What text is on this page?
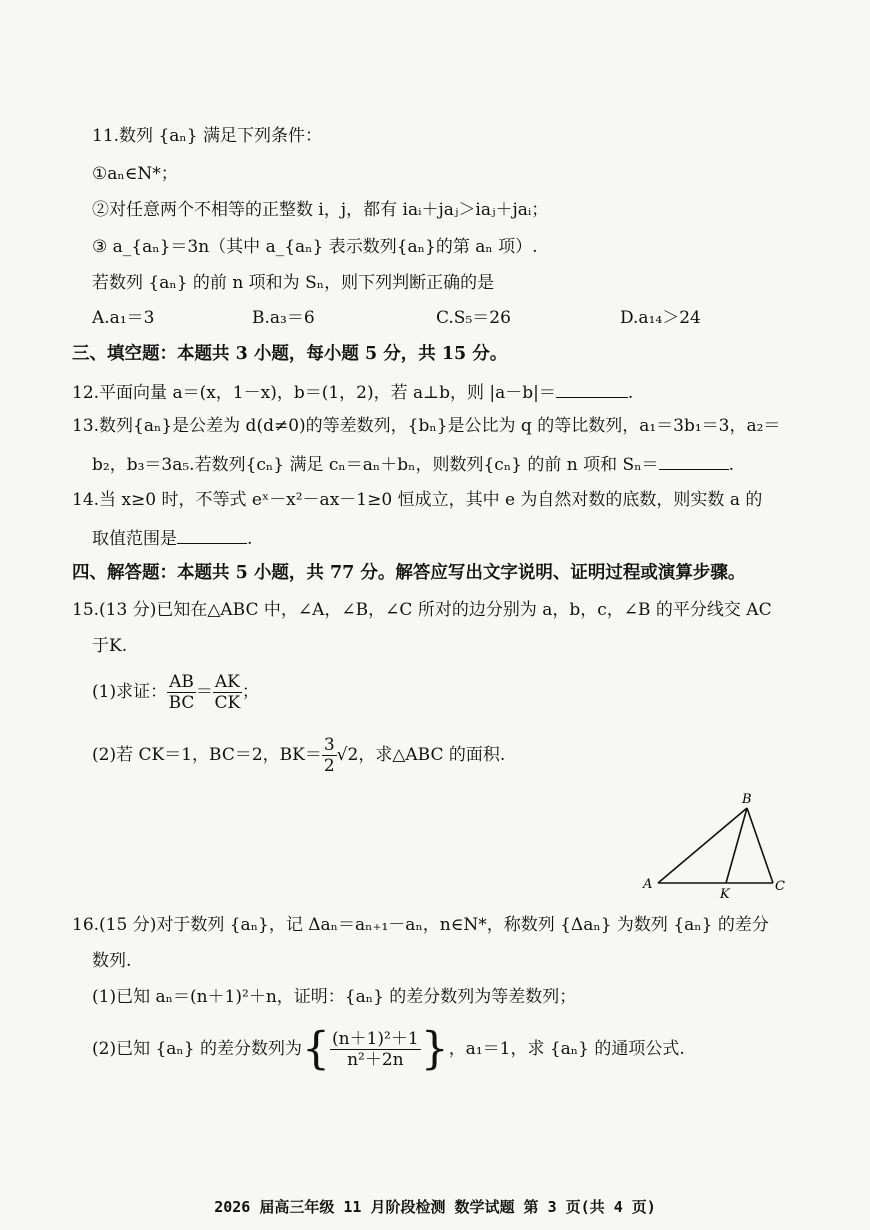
11.数列 {aₙ} 满足下列条件：
①aₙ∈N*；
②对任意两个不相等的正整数 i，j，都有 iaᵢ＋jaⱼ＞iaⱼ＋jaᵢ；
③ a_{aₙ}＝3n（其中 a_{aₙ} 表示数列{aₙ}的第 aₙ 项）.
若数列 {aₙ} 的前 n 项和为 Sₙ，则下列判断正确的是
A.a₁＝3	B.a₃＝6	C.S₅＝26	D.a₁₄＞24
三、填空题：本题共 3 小题，每小题 5 分，共 15 分。
12.平面向量 a＝(x，1－x)，b＝(1，2)，若 a⊥b，则 |a－b|＝	.
13.数列{aₙ}是公差为 d(d≠0)的等差数列，{bₙ}是公比为 q 的等比数列，a₁＝3b₁＝3，a₂＝
b₂，b₃＝3a₅.若数列{cₙ} 满足 cₙ＝aₙ＋bₙ，则数列{cₙ} 的前 n 项和 Sₙ＝	.
14.当 x≥0 时，不等式 eˣ－x²－ax－1≥0 恒成立，其中 e 为自然对数的底数，则实数 a 的
取值范围是	.
四、解答题：本题共 5 小题，共 77 分。解答应写出文字说明、证明过程或演算步骤。
15.(13 分)已知在△ABC 中，∠A，∠B，∠C 所对的边分别为 a，b，c，∠B 的平分线交 AC
于K.
(1)求证： $\frac{AB}{BC} = \frac{AK}{CK}$ ；
(2)若 CK＝1，BC＝2，$BK= \frac{3}{2} √2$，求△ABC 的面积.
A
B
C
K
16.(15 分)对于数列 {aₙ}，记 Δaₙ＝aₙ₊₁－aₙ，n∈N*，称数列 {Δaₙ} 为数列 {aₙ} 的差分
数列.
(1)已知 aₙ＝(n＋1)²＋n，证明：{aₙ} 的差分数列为等差数列；
(2)已知 {aₙ} 的差分数列为{ $\frac{\text{(n＋1)²＋1}}{\text{n²＋2n}}$ }，a₁＝1，求 {aₙ} 的通项公式.
2026 届高三年级 11 月阶段检测 数学试题 第 3 页(共 4 页)
